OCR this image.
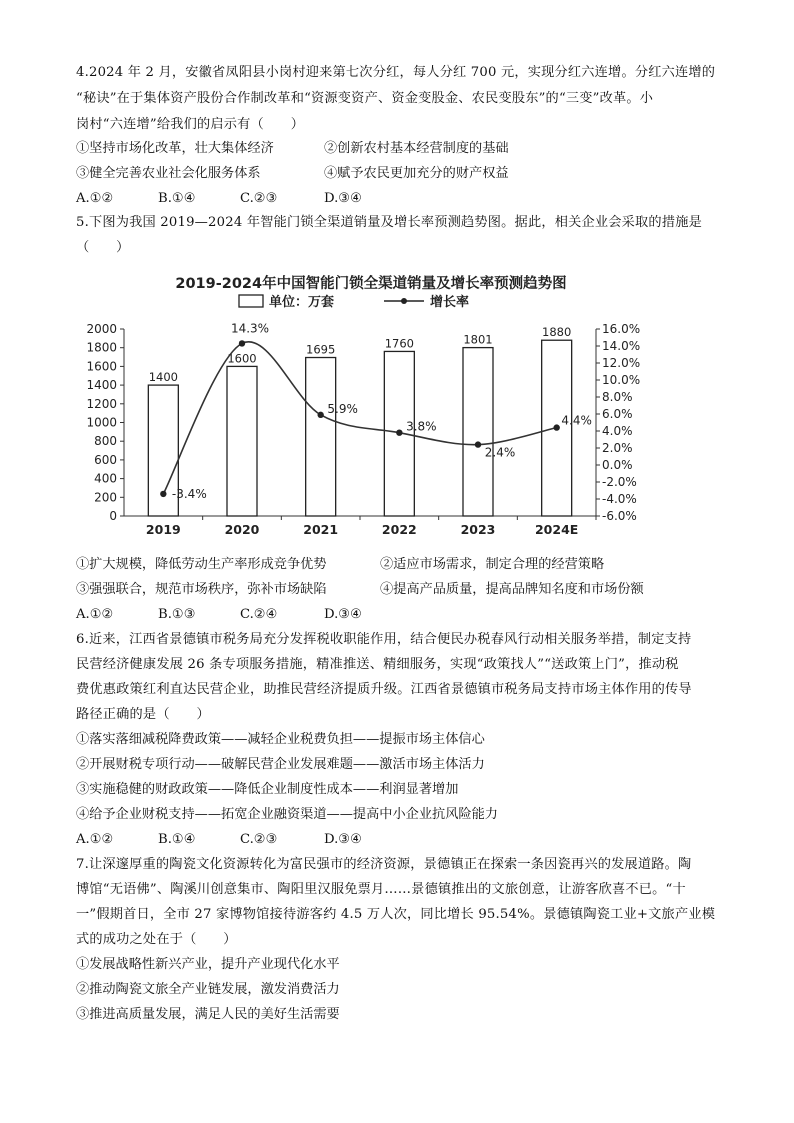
4.2024 年 2 月，安徽省凤阳县小岗村迎来第七次分红，每人分红 700 元，实现分红六连增。分红六连增的
“秘诀”在于集体资产股份合作制改革和“资源变资产、资金变股金、农民变股东”的“三变”改革。小
岗村“六连增”给我们的启示有（　　）
①坚持市场化改革，壮大集体经济	②创新农村基本经营制度的基础
③健全完善农业社会化服务体系	④赋予农民更加充分的财产权益
A.①②	B.①④	C.②③	D.③④
5.下图为我国 2019—2024 年智能门锁全渠道销量及增长率预测趋势图。据此，相关企业会采取的措施是
（　　）
2019-2024年中国智能门锁全渠道销量及增长率预测趋势图
单位：万套	增长率
0
200
400
600
800
1000
1200
1400
1600
1800
2000
-6.0%
-4.0%
-2.0%
0.0%
2.0%
4.0%
6.0%
8.0%
10.0%
12.0%
14.0%
16.0%
1400
2019
1600
2020
1695
2021
1760
2022
1801
2023
1880
2024E
-3.4%
14.3%
5.9%
3.8%
2.4%
4.4%
①扩大规模，降低劳动生产率形成竞争优势	②适应市场需求，制定合理的经营策略
③强强联合，规范市场秩序，弥补市场缺陷	④提高产品质量，提高品牌知名度和市场份额
A.①②	B.①③	C.②④	D.③④
6.近来，江西省景德镇市税务局充分发挥税收职能作用，结合便民办税春风行动相关服务举措，制定支持
民营经济健康发展 26 条专项服务措施，精准推送、精细服务，实现“政策找人”“送政策上门”，推动税
费优惠政策红利直达民营企业，助推民营经济提质升级。江西省景德镇市税务局支持市场主体作用的传导
路径正确的是（　　）
①落实落细减税降费政策——减轻企业税费负担——提振市场主体信心
②开展财税专项行动——破解民营企业发展难题——激活市场主体活力
③实施稳健的财政政策——降低企业制度性成本——利润显著增加
④给予企业财税支持——拓宽企业融资渠道——提高中小企业抗风险能力
A.①②	B.①④	C.②③	D.③④
7.让深邃厚重的陶瓷文化资源转化为富民强市的经济资源，景德镇正在探索一条因瓷再兴的发展道路。陶
博馆“无语佛”、陶溪川创意集市、陶阳里汉服免票月……景德镇推出的文旅创意，让游客欣喜不已。“十
一”假期首日，全市 27 家博物馆接待游客约 4.5 万人次，同比增长 95.54%。景德镇陶瓷工业+文旅产业模
式的成功之处在于（　　）
①发展战略性新兴产业，提升产业现代化水平
②推动陶瓷文旅全产业链发展，激发消费活力
③推进高质量发展，满足人民的美好生活需要
